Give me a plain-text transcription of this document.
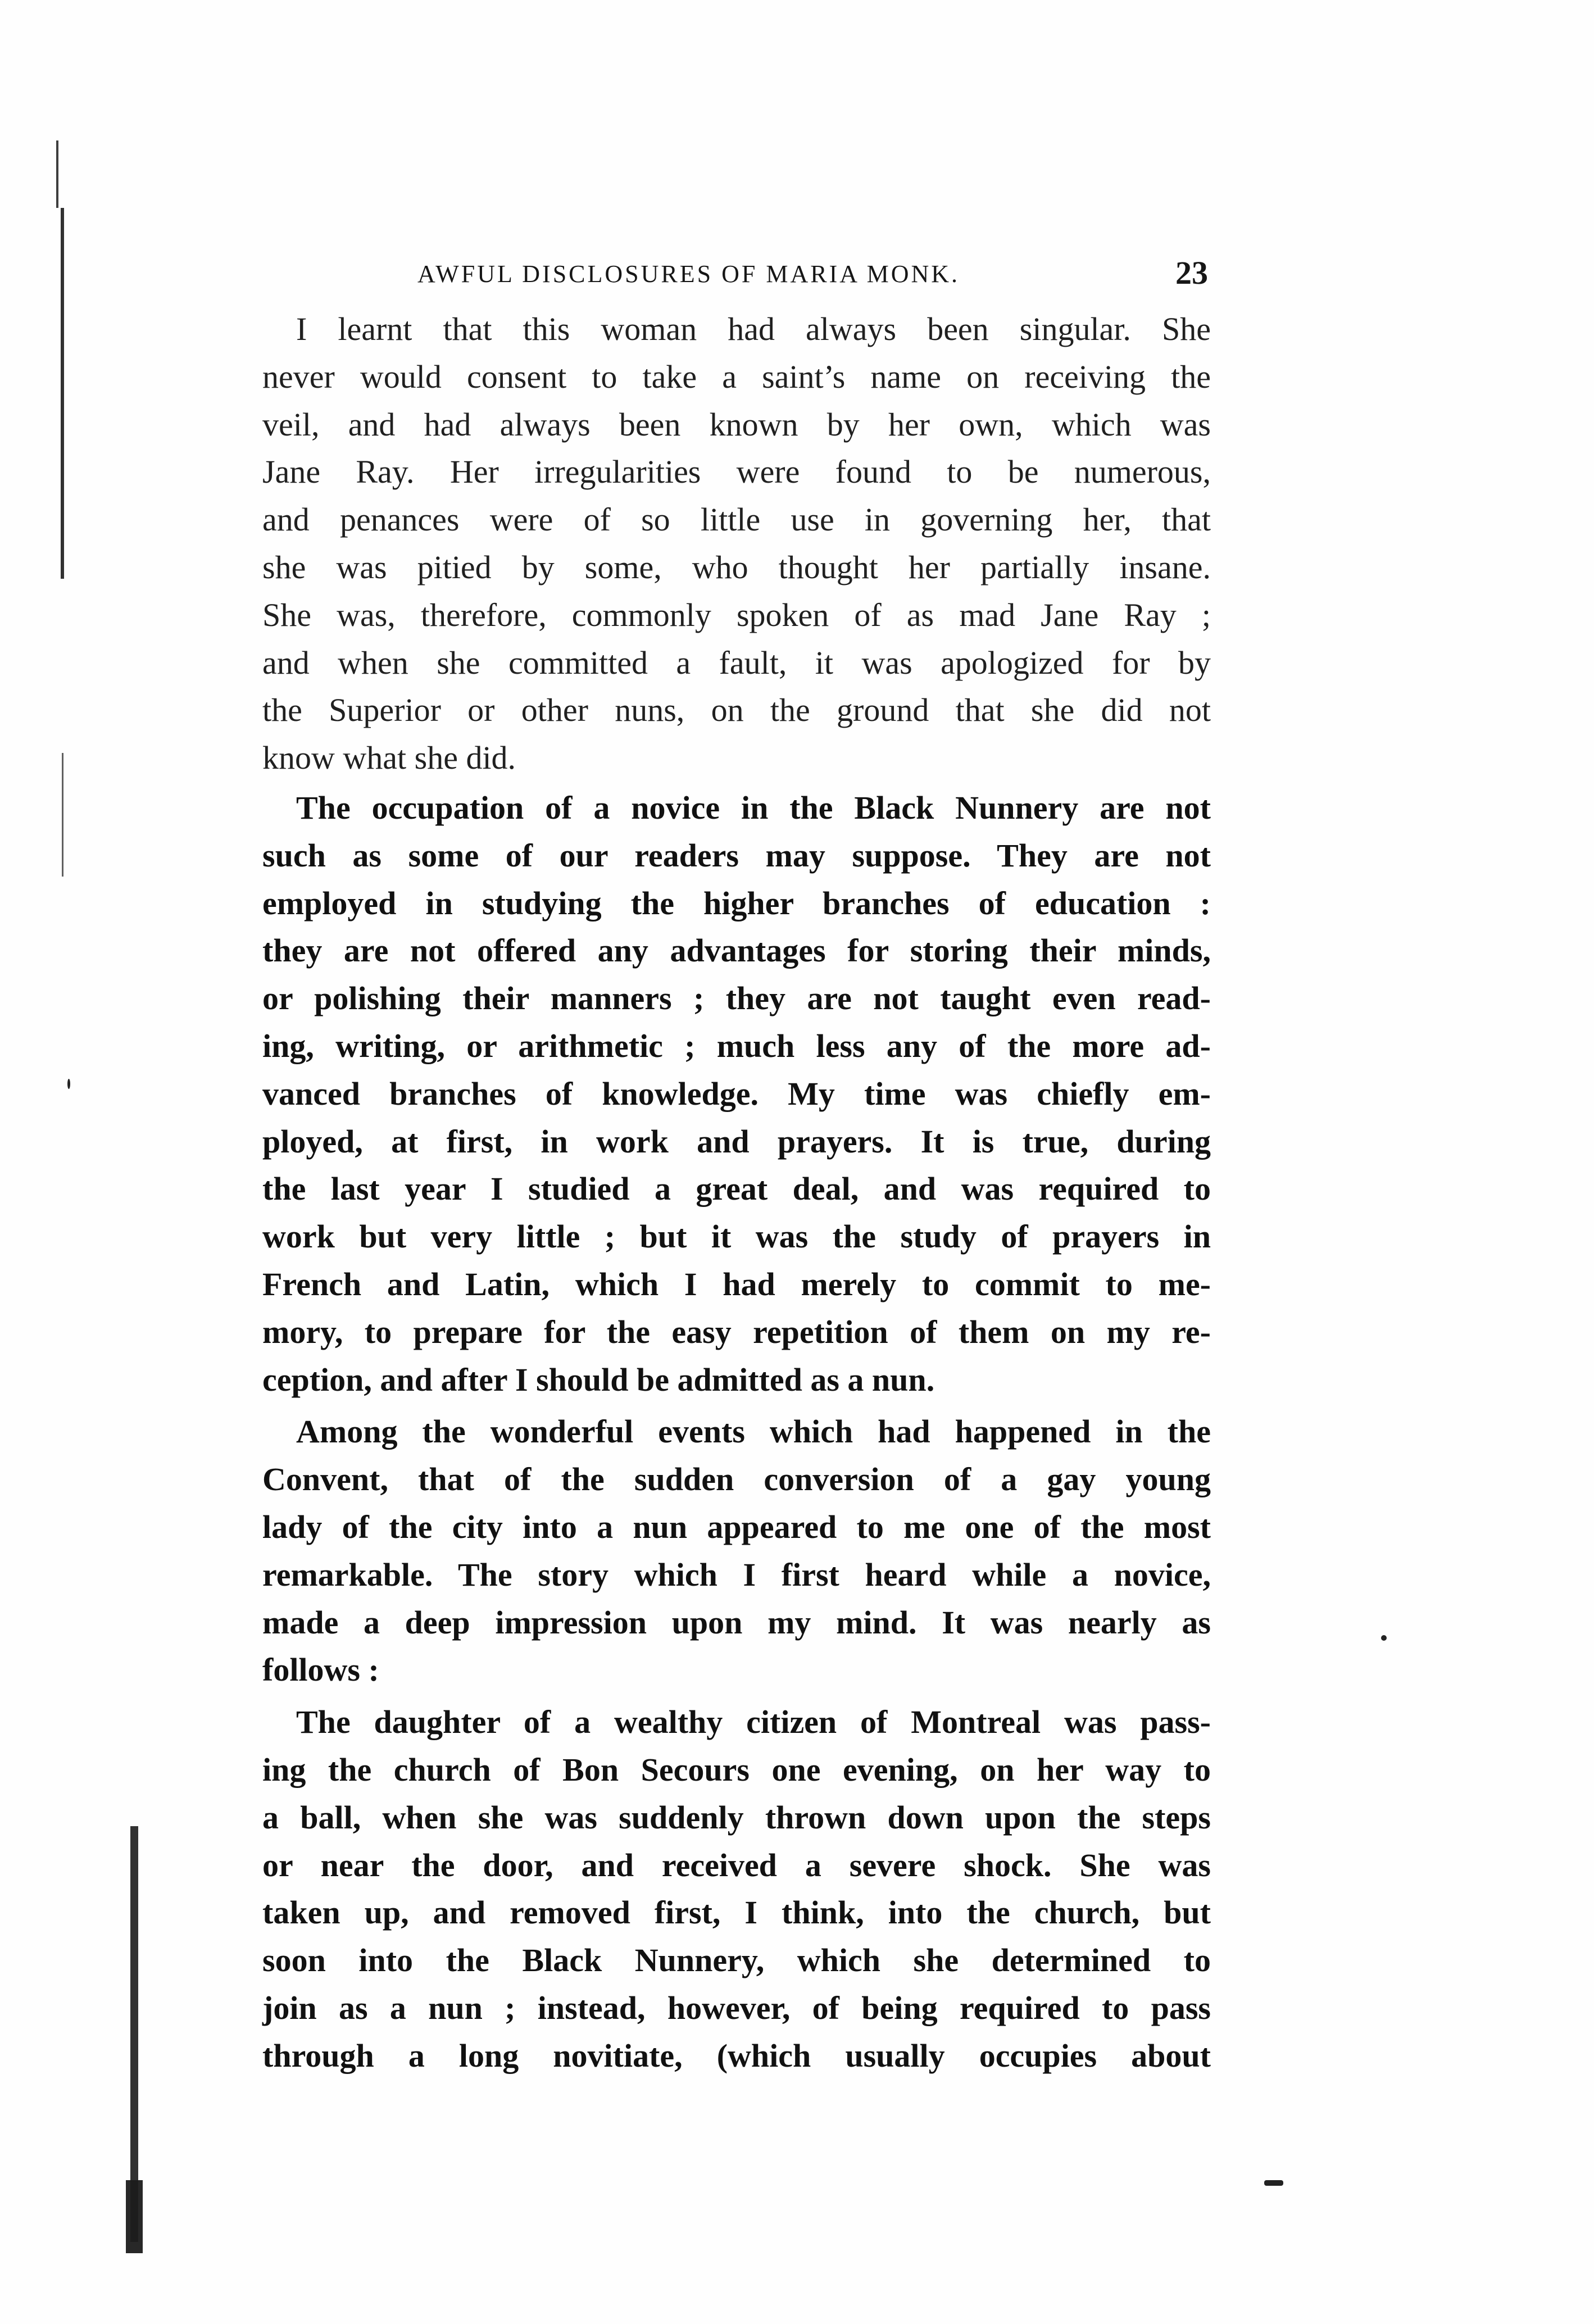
AWFUL DISCLOSURES OF MARIA MONK.	23

I learnt that this woman had always been singular. She
never would consent to take a saint’s name on receiving the
veil, and had always been known by her own, which was
Jane Ray. Her irregularities were found to be numerous,
and penances were of so little use in governing her, that
she was pitied by some, who thought her partially insane.
She was, therefore, commonly spoken of as mad Jane Ray ;
and when she committed a fault, it was apologized for by
the Superior or other nuns, on the ground that she did not
know what she did.

The occupation of a novice in the Black Nunnery are not
such as some of our readers may suppose. They are not
employed in studying the higher branches of education :
they are not offered any advantages for storing their minds,
or polishing their manners ; they are not taught even read-
ing, writing, or arithmetic ; much less any of the more ad-
vanced branches of knowledge. My time was chiefly em-
ployed, at first, in work and prayers. It is true, during
the last year I studied a great deal, and was required to
work but very little ; but it was the study of prayers in
French and Latin, which I had merely to commit to me-
mory, to prepare for the easy repetition of them on my re-
ception, and after I should be admitted as a nun.

Among the wonderful events which had happened in the
Convent, that of the sudden conversion of a gay young
lady of the city into a nun appeared to me one of the most
remarkable. The story which I first heard while a novice,
made a deep impression upon my mind. It was nearly as
follows :

The daughter of a wealthy citizen of Montreal was pass-
ing the church of Bon Secours one evening, on her way to
a ball, when she was suddenly thrown down upon the steps
or near the door, and received a severe shock. She was
taken up, and removed first, I think, into the church, but
soon into the Black Nunnery, which she determined to
join as a nun ; instead, however, of being required to pass
through a long novitiate, (which usually occupies about
